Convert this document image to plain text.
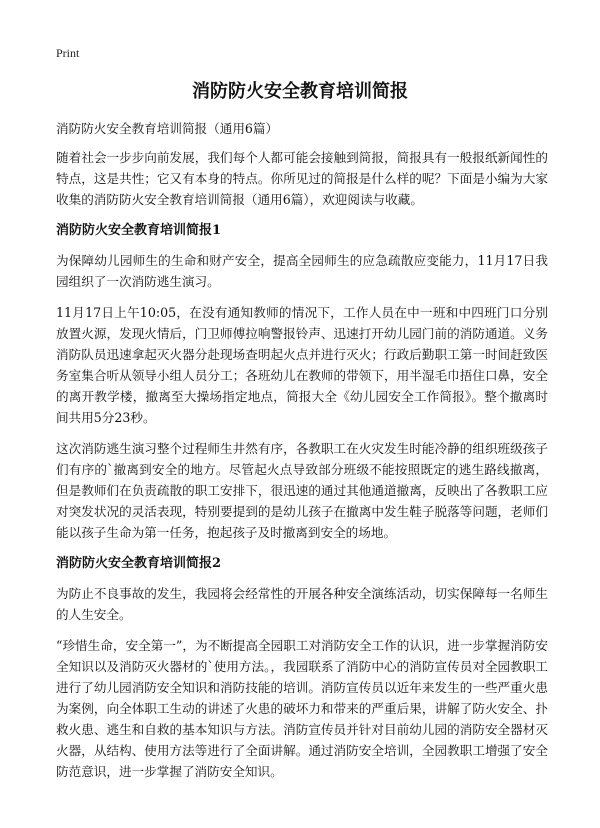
Print
消防防火安全教育培训简报

消防防火安全教育培训简报（通用6篇）

随着社会一步步向前发展，我们每个人都可能会接触到简报，简报具有一般报纸新闻性的特点，这是共性；它又有本身的特点。你所见过的简报是什么样的呢？下面是小编为大家收集的消防防火安全教育培训简报（通用6篇），欢迎阅读与收藏。

消防防火安全教育培训简报1

为保障幼儿园师生的生命和财产安全，提高全园师生的应急疏散应变能力，11月17日我园组织了一次消防逃生演习。

11月17日上午10:05，在没有通知教师的情况下，工作人员在中一班和中四班门口分别放置火源，发现火情后，门卫师傅拉响警报铃声、迅速打开幼儿园门前的消防通道。义务消防队员迅速拿起灭火器分赴现场查明起火点并进行灭火；行政后勤职工第一时间赶致医务室集合听从领导小组人员分工；各班幼儿在教师的带领下，用半湿毛巾捂住口鼻，安全的离开教学楼，撤离至大操场指定地点，简报大全《幼儿园安全工作简报》。整个撤离时间共用5分23秒。

这次消防逃生演习整个过程师生井然有序，各教职工在火灾发生时能冷静的组织班级孩子们有序的`撤离到安全的地方。尽管起火点导致部分班级不能按照既定的逃生路线撤离，但是教师们在负责疏散的职工安排下，很迅速的通过其他通道撤离，反映出了各教职工应对突发状况的灵活表现，特别要提到的是幼儿孩子在撤离中发生鞋子脱落等问题，老师们能以孩子生命为第一任务，抱起孩子及时撤离到安全的场地。

消防防火安全教育培训简报2

为防止不良事故的发生，我园将会经常性的开展各种安全演练活动，切实保障每一名师生的人生安全。

“珍惜生命，安全第一”，为不断提高全园职工对消防安全工作的认识，进一步掌握消防安全知识以及消防灭火器材的`使用方法。，我园联系了消防中心的消防宣传员对全园教职工进行了幼儿园消防安全知识和消防技能的培训。消防宣传员以近年来发生的一些严重火患为案例，向全体职工生动的讲述了火患的破坏力和带来的严重后果，讲解了防火安全、扑救火患、逃生和自救的基本知识与方法。消防宣传员并针对目前幼儿园的消防安全器材灭火器，从结构、使用方法等进行了全面讲解。通过消防安全培训，全园教职工增强了安全防范意识，进一步掌握了消防安全知识。
